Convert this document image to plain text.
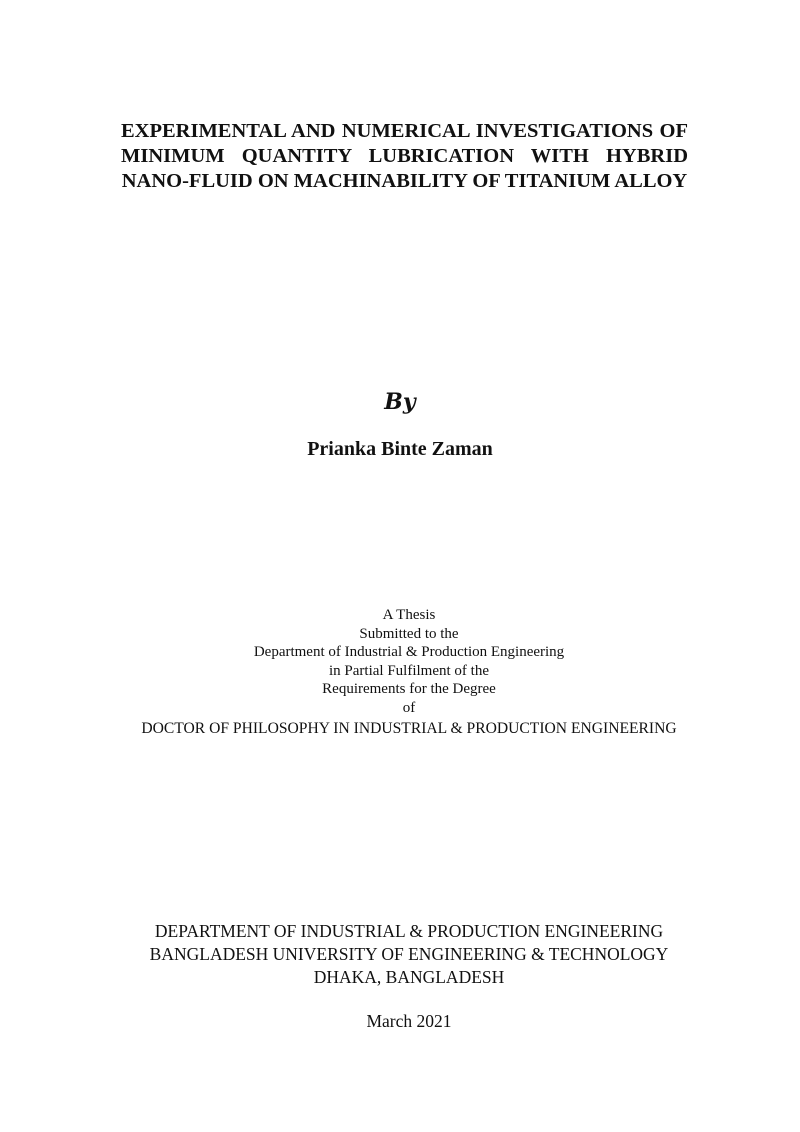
EXPERIMENTAL AND NUMERICAL INVESTIGATIONS OF
MINIMUM QUANTITY LUBRICATION WITH HYBRID
NANO-FLUID ON MACHINABILITY OF TITANIUM ALLOY
By
Prianka Binte Zaman
A Thesis
Submitted to the
Department of Industrial & Production Engineering
in Partial Fulfilment of the
Requirements for the Degree
of
DOCTOR OF PHILOSOPHY IN INDUSTRIAL & PRODUCTION ENGINEERING
DEPARTMENT OF INDUSTRIAL & PRODUCTION ENGINEERING
BANGLADESH UNIVERSITY OF ENGINEERING & TECHNOLOGY
DHAKA, BANGLADESH
March 2021
